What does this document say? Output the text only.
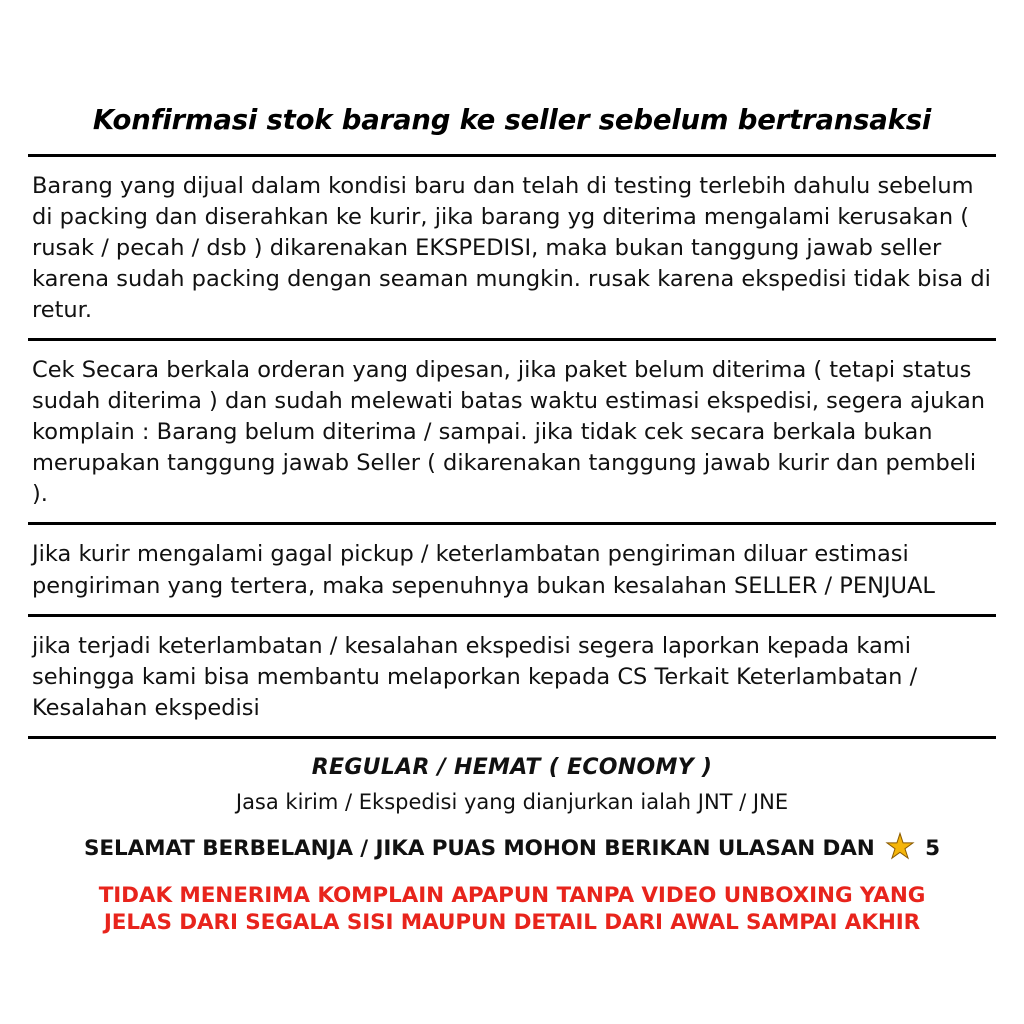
Konfirmasi stok barang ke seller sebelum bertransaksi

Barang yang dijual dalam kondisi baru dan telah di testing terlebih dahulu sebelum di packing dan diserahkan ke kurir, jika barang yg diterima mengalami kerusakan ( rusak / pecah / dsb ) dikarenakan EKSPEDISI, maka bukan tanggung jawab seller karena sudah packing dengan seaman mungkin. rusak karena ekspedisi tidak bisa di retur.

Cek Secara berkala orderan yang dipesan, jika paket belum diterima ( tetapi status sudah diterima ) dan sudah melewati batas waktu estimasi ekspedisi, segera ajukan komplain : Barang belum diterima / sampai. jika tidak cek secara berkala bukan merupakan tanggung jawab Seller ( dikarenakan tanggung jawab kurir dan pembeli ).

Jika kurir mengalami gagal pickup / keterlambatan pengiriman diluar estimasi pengiriman yang tertera, maka sepenuhnya bukan kesalahan SELLER / PENJUAL

jika terjadi keterlambatan / kesalahan ekspedisi segera laporkan kepada kami sehingga kami bisa membantu melaporkan kepada CS Terkait Keterlambatan / Kesalahan ekspedisi

REGULAR / HEMAT ( ECONOMY )
Jasa kirim / Ekspedisi yang dianjurkan ialah JNT / JNE
SELAMAT BERBELANJA / JIKA PUAS MOHON BERIKAN ULASAN DAN ★ 5
TIDAK MENERIMA KOMPLAIN APAPUN TANPA VIDEO UNBOXING YANG
JELAS DARI SEGALA SISI MAUPUN DETAIL DARI AWAL SAMPAI AKHIR
